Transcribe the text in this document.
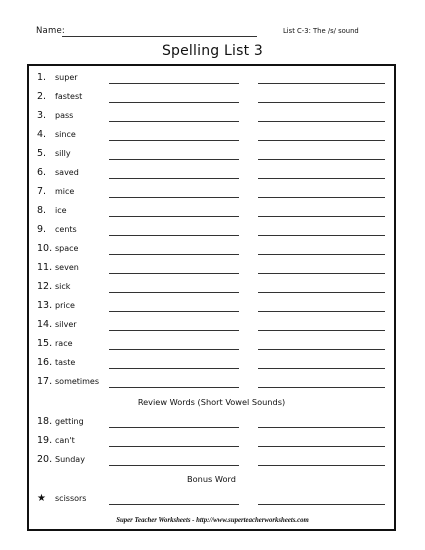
Name:	List C-3: The /s/ sound
Spelling List 3
1. super
2. fastest
3. pass
4. since
5. silly
6. saved
7. mice
8. ice
9. cents
10. space
11. seven
12. sick
13. price
14. silver
15. race
16. taste
17. sometimes
Review Words (Short Vowel Sounds)
18. getting
19. can't
20. Sunday
Bonus Word
★ scissors
Super Teacher Worksheets - http://www.superteacherworksheets.com
